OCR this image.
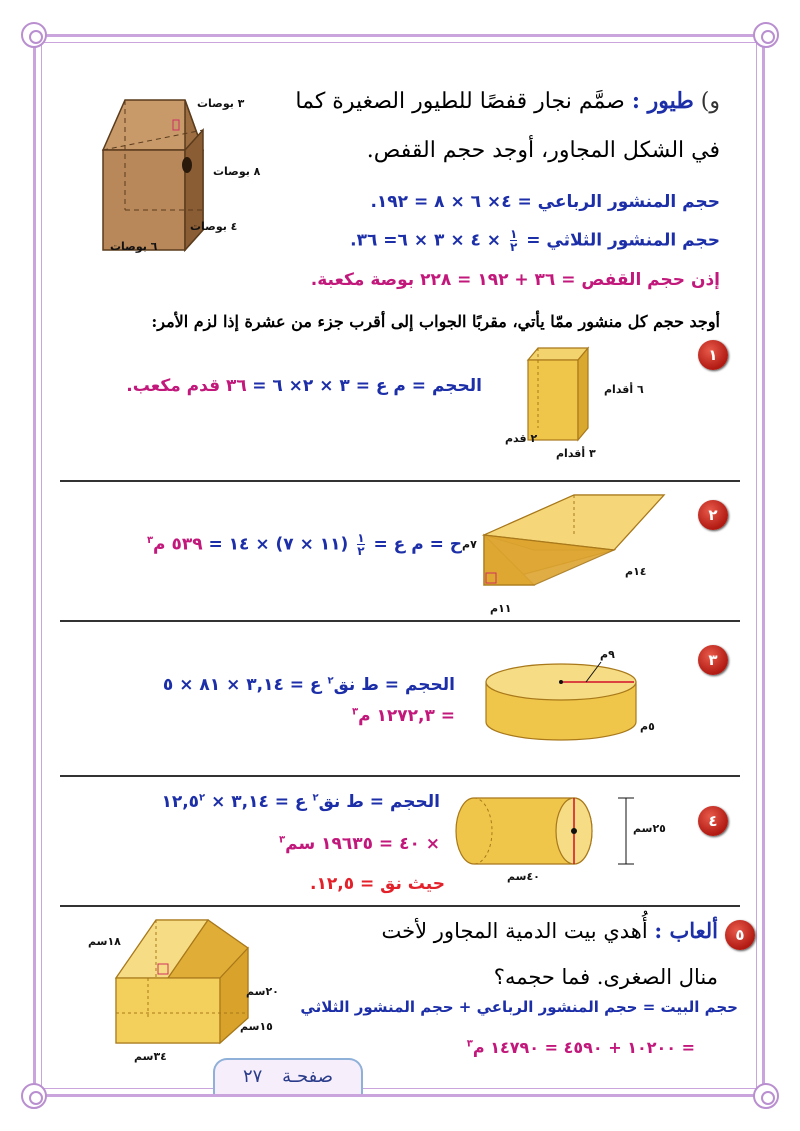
و) طيور : صمَّم نجار قفصًا للطيور الصغيرة كما
في الشكل المجاور، أوجد حجم القفص.
حجم المنشور الرباعي = ٤× ٦ × ٨ = ١٩٢.
حجم المنشور الثلاثي =
١
٢
× ٤ × ٣ × ٦= ٣٦.
إذن حجم القفص = ٣٦ + ١٩٢ = ٢٢٨ بوصة مكعبة.
٣ بوصات
٨ بوصات
٤ بوصات
٦ بوصات
أوجد حجم كل منشور ممّا يأتي، مقربًا الجواب إلى أقرب جزء من عشرة إذا لزم الأمر:
١
٦ أقدام
٢ قدم
٣ أقدام
الحجم = م ع = ٣ × ٢× ٦ = ٣٦ قدم مكعب.
٢
٧م
١٤م
١١م
ح = م ع =
١
٢
(١١ × ٧) × ١٤ = ٥٣٩ م$^٣$
٣
٩م
٥م
الحجم = ط نق$^٢$ ع = ٣,١٤ × ٨١ × ٥
= ١٢٧٢,٣ م$^٣$
٤
٢٥سم
٤٠سم
الحجم = ط نق$^٢$ ع = ٣,١٤ × $١٢,٥^٢$
× ٤٠ = ١٩٦٣٥ سم$^٣$
حيث نق = ١٢,٥.
٥
ألعاب : أُهدي بيت الدمية المجاور لأخت
منال الصغرى. فما حجمه؟
حجم البيت = حجم المنشور الرباعي + حجم المنشور الثلاثي
= ١٠٢٠٠ + ٤٥٩٠ = ١٤٧٩٠ م$^٣$
١٨سم
٢٠سم
١٥سم
٣٤سم
صفحـة ٢٧
